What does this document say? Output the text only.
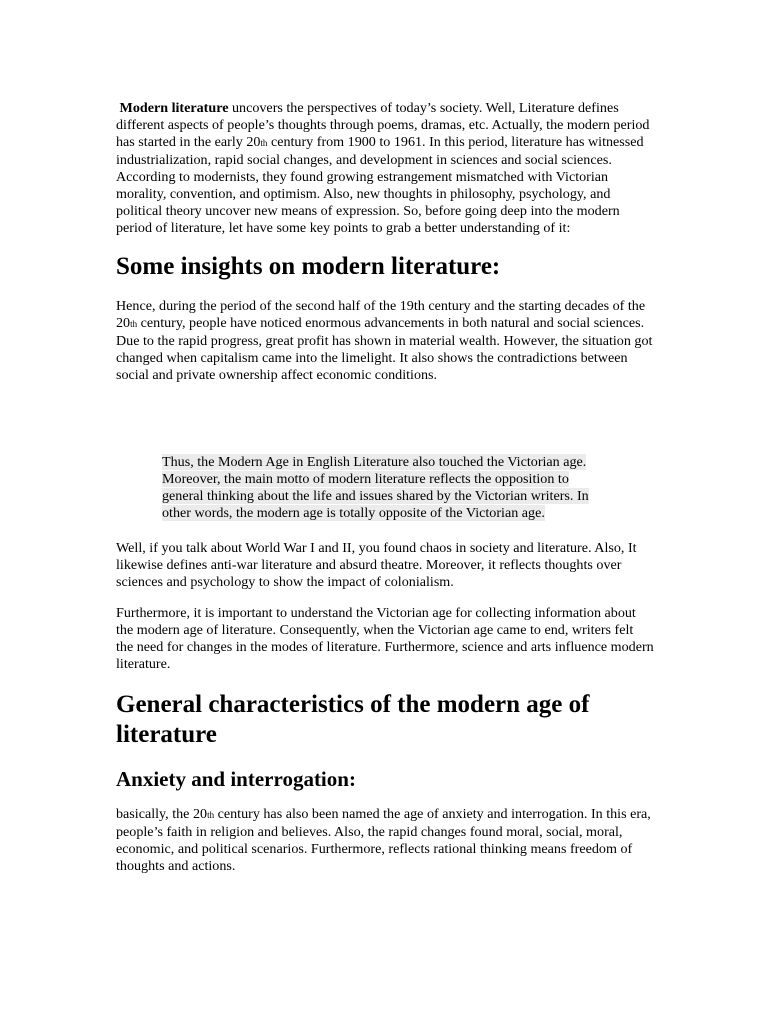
Modern literature uncovers the perspectives of today’s society. Well, Literature defines different aspects of people’s thoughts through poems, dramas, etc. Actually, the modern period has started in the early 20th century from 1900 to 1961. In this period, literature has witnessed industrialization, rapid social changes, and development in sciences and social sciences. According to modernists, they found growing estrangement mismatched with Victorian morality, convention, and optimism. Also, new thoughts in philosophy, psychology, and political theory uncover new means of expression. So, before going deep into the modern period of literature, let have some key points to grab a better understanding of it:

Some insights on modern literature:

Hence, during the period of the second half of the 19th century and the starting decades of the 20th century, people have noticed enormous advancements in both natural and social sciences. Due to the rapid progress, great profit has shown in material wealth. However, the situation got changed when capitalism came into the limelight. It also shows the contradictions between social and private ownership affect economic conditions.

Thus, the Modern Age in English Literature also touched the Victorian age. Moreover, the main motto of modern literature reflects the opposition to general thinking about the life and issues shared by the Victorian writers. In other words, the modern age is totally opposite of the Victorian age.

Well, if you talk about World War I and II, you found chaos in society and literature. Also, It likewise defines anti-war literature and absurd theatre. Moreover, it reflects thoughts over sciences and psychology to show the impact of colonialism.

Furthermore, it is important to understand the Victorian age for collecting information about the modern age of literature. Consequently, when the Victorian age came to end, writers felt the need for changes in the modes of literature. Furthermore, science and arts influence modern literature.

General characteristics of the modern age of literature
Anxiety and interrogation:

basically, the 20th century has also been named the age of anxiety and interrogation. In this era, people’s faith in religion and believes. Also, the rapid changes found moral, social, moral, economic, and political scenarios. Furthermore, reflects rational thinking means freedom of thoughts and actions.
